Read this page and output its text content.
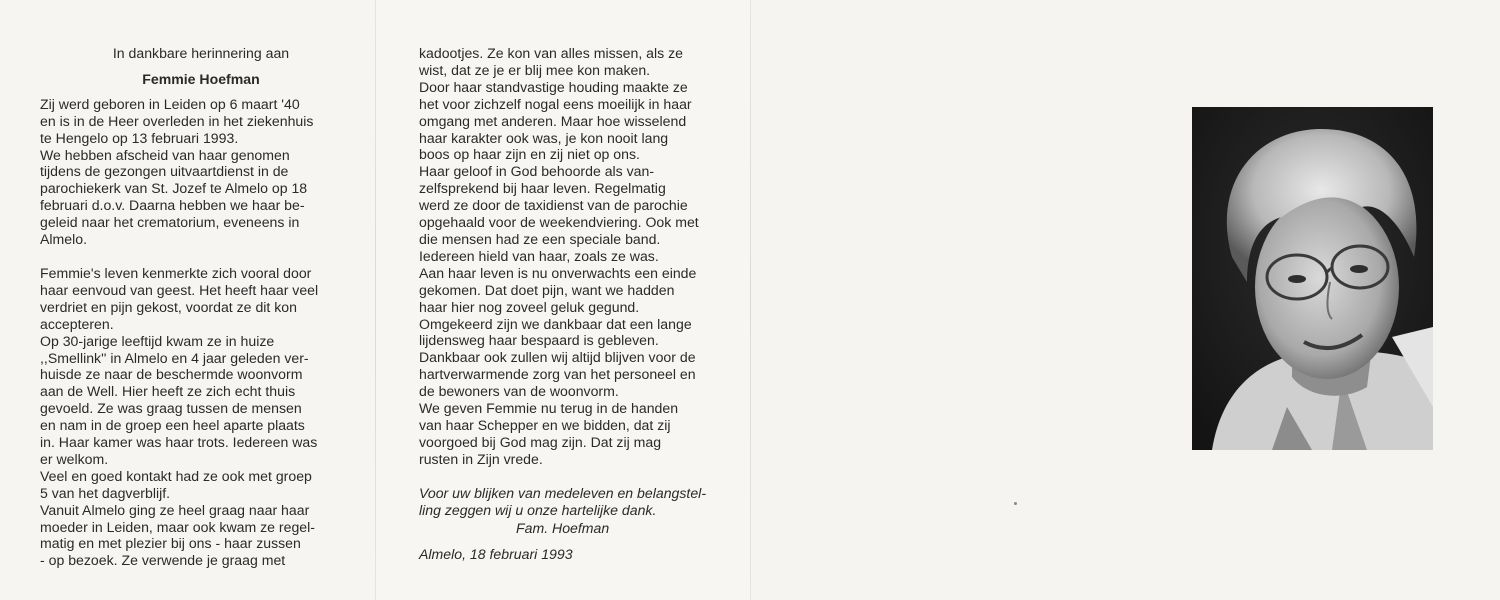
In dankbare herinnering aan

Femmie Hoefman

Zij werd geboren in Leiden op 6 maart '40

en is in de Heer overleden in het ziekenhuis

te Hengelo op 13 februari 1993.

We hebben afscheid van haar genomen

tijdens de gezongen uitvaartdienst in de

parochiekerk van St. Jozef te Almelo op 18

februari d.o.v. Daarna hebben we haar be-

geleid naar het crematorium, eveneens in

Almelo.

Femmie's leven kenmerkte zich vooral door

haar eenvoud van geest. Het heeft haar veel

verdriet en pijn gekost, voordat ze dit kon

accepteren.

Op 30-jarige leeftijd kwam ze in huize

,,Smellink'' in Almelo en 4 jaar geleden ver-

huisde ze naar de beschermde woonvorm

aan de Well. Hier heeft ze zich echt thuis

gevoeld. Ze was graag tussen de mensen

en nam in de groep een heel aparte plaats

in. Haar kamer was haar trots. Iedereen was

er welkom.

Veel en goed kontakt had ze ook met groep

5 van het dagverblijf.

Vanuit Almelo ging ze heel graag naar haar

moeder in Leiden, maar ook kwam ze regel-

matig en met plezier bij ons - haar zussen

- op bezoek. Ze verwende je graag met

kadootjes. Ze kon van alles missen, als ze

wist, dat ze je er blij mee kon maken.

Door haar standvastige houding maakte ze

het voor zichzelf nogal eens moeilijk in haar

omgang met anderen. Maar hoe wisselend

haar karakter ook was, je kon nooit lang

boos op haar zijn en zij niet op ons.

Haar geloof in God behoorde als van-

zelfsprekend bij haar leven. Regelmatig

werd ze door de taxidienst van de parochie

opgehaald voor de weekendviering. Ook met

die mensen had ze een speciale band.

Iedereen hield van haar, zoals ze was.

Aan haar leven is nu onverwachts een einde

gekomen. Dat doet pijn, want we hadden

haar hier nog zoveel geluk gegund.

Omgekeerd zijn we dankbaar dat een lange

lijdensweg haar bespaard is gebleven.

Dankbaar ook zullen wij altijd blijven voor de

hartverwarmende zorg van het personeel en

de bewoners van de woonvorm.

We geven Femmie nu terug in de handen

van haar Schepper en we bidden, dat zij

voorgoed bij God mag zijn. Dat zij mag

rusten in Zijn vrede.

Voor uw blijken van medeleven en belangstel-

ling zeggen wij u onze hartelijke dank.

Fam. Hoefman

Almelo, 18 februari 1993
